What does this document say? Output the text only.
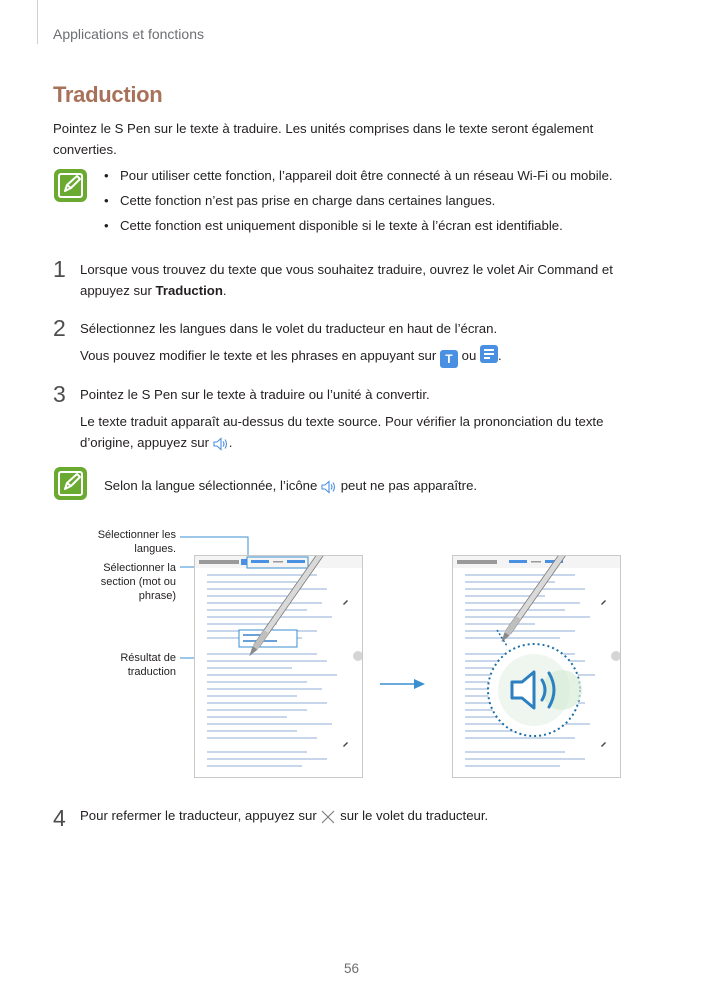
Applications et fonctions
Traduction
Pointez le S Pen sur le texte à traduire. Les unités comprises dans le texte seront également converties.
• Pour utiliser cette fonction, l’appareil doit être connecté à un réseau Wi-Fi ou mobile.
• Cette fonction n’est pas prise en charge dans certaines langues.
• Cette fonction est uniquement disponible si le texte à l’écran est identifiable.
1 Lorsque vous trouvez du texte que vous souhaitez traduire, ouvrez le volet Air Command et
appuyez sur Traduction.
2 Sélectionnez les langues dans le volet du traducteur en haut de l’écran.
Vous pouvez modifier le texte et les phrases en appuyant sur T ou .
3 Pointez le S Pen sur le texte à traduire ou l’unité à convertir.
Le texte traduit apparaît au-dessus du texte source. Pour vérifier la prononciation du texte
d’origine, appuyez sur .
Selon la langue sélectionnée, l’icône peut ne pas apparaître.
Sélectionner les
langues.
Sélectionner la
section (mot ou
phrase)
Résultat de
traduction
4 Pour refermer le traducteur, appuyez sur sur le volet du traducteur.
56
